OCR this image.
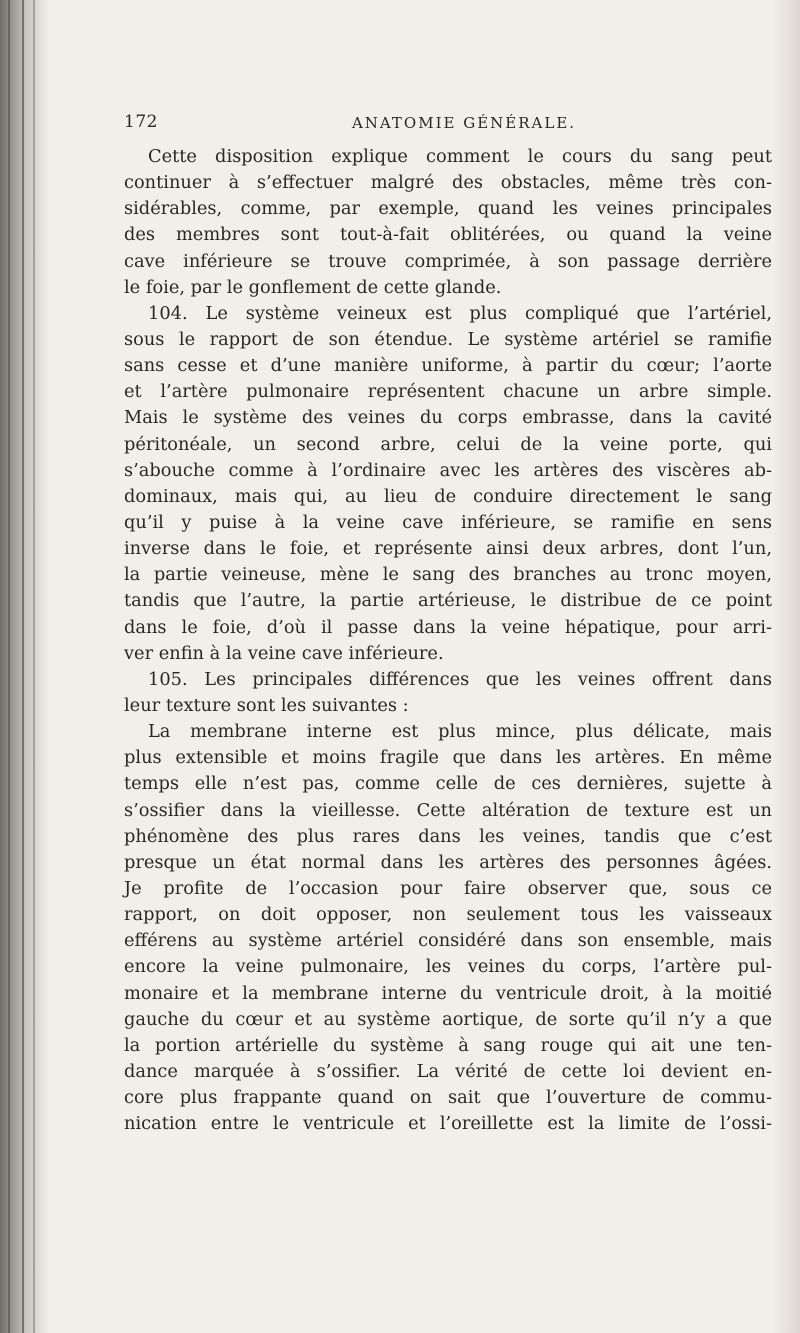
172	ANATOMIE GÉNÉRALE.
Cette disposition explique comment le cours du sang peut
continuer à s’effectuer malgré des obstacles, même très con-
sidérables, comme, par exemple, quand les veines principales
des membres sont tout-à-fait oblitérées, ou quand la veine
cave inférieure se trouve comprimée, à son passage derrière
le foie, par le gonflement de cette glande.
104. Le système veineux est plus compliqué que l’artériel,
sous le rapport de son étendue. Le système artériel se ramifie
sans cesse et d’une manière uniforme, à partir du cœur; l’aorte
et l’artère pulmonaire représentent chacune un arbre simple.
Mais le système des veines du corps embrasse, dans la cavité
péritonéale, un second arbre, celui de la veine porte, qui
s’abouche comme à l’ordinaire avec les artères des viscères ab-
dominaux, mais qui, au lieu de conduire directement le sang
qu’il y puise à la veine cave inférieure, se ramifie en sens
inverse dans le foie, et représente ainsi deux arbres, dont l’un,
la partie veineuse, mène le sang des branches au tronc moyen,
tandis que l’autre, la partie artérieuse, le distribue de ce point
dans le foie, d’où il passe dans la veine hépatique, pour arri-
ver enfin à la veine cave inférieure.
105. Les principales différences que les veines offrent dans
leur texture sont les suivantes :
La membrane interne est plus mince, plus délicate, mais
plus extensible et moins fragile que dans les artères. En même
temps elle n’est pas, comme celle de ces dernières, sujette à
s’ossifier dans la vieillesse. Cette altération de texture est un
phénomène des plus rares dans les veines, tandis que c’est
presque un état normal dans les artères des personnes âgées.
Je profite de l’occasion pour faire observer que, sous ce
rapport, on doit opposer, non seulement tous les vaisseaux
efférens au système artériel considéré dans son ensemble, mais
encore la veine pulmonaire, les veines du corps, l’artère pul-
monaire et la membrane interne du ventricule droit, à la moitié
gauche du cœur et au système aortique, de sorte qu’il n’y a que
la portion artérielle du système à sang rouge qui ait une ten-
dance marquée à s’ossifier. La vérité de cette loi devient en-
core plus frappante quand on sait que l’ouverture de commu-
nication entre le ventricule et l’oreillette est la limite de l’ossi-
